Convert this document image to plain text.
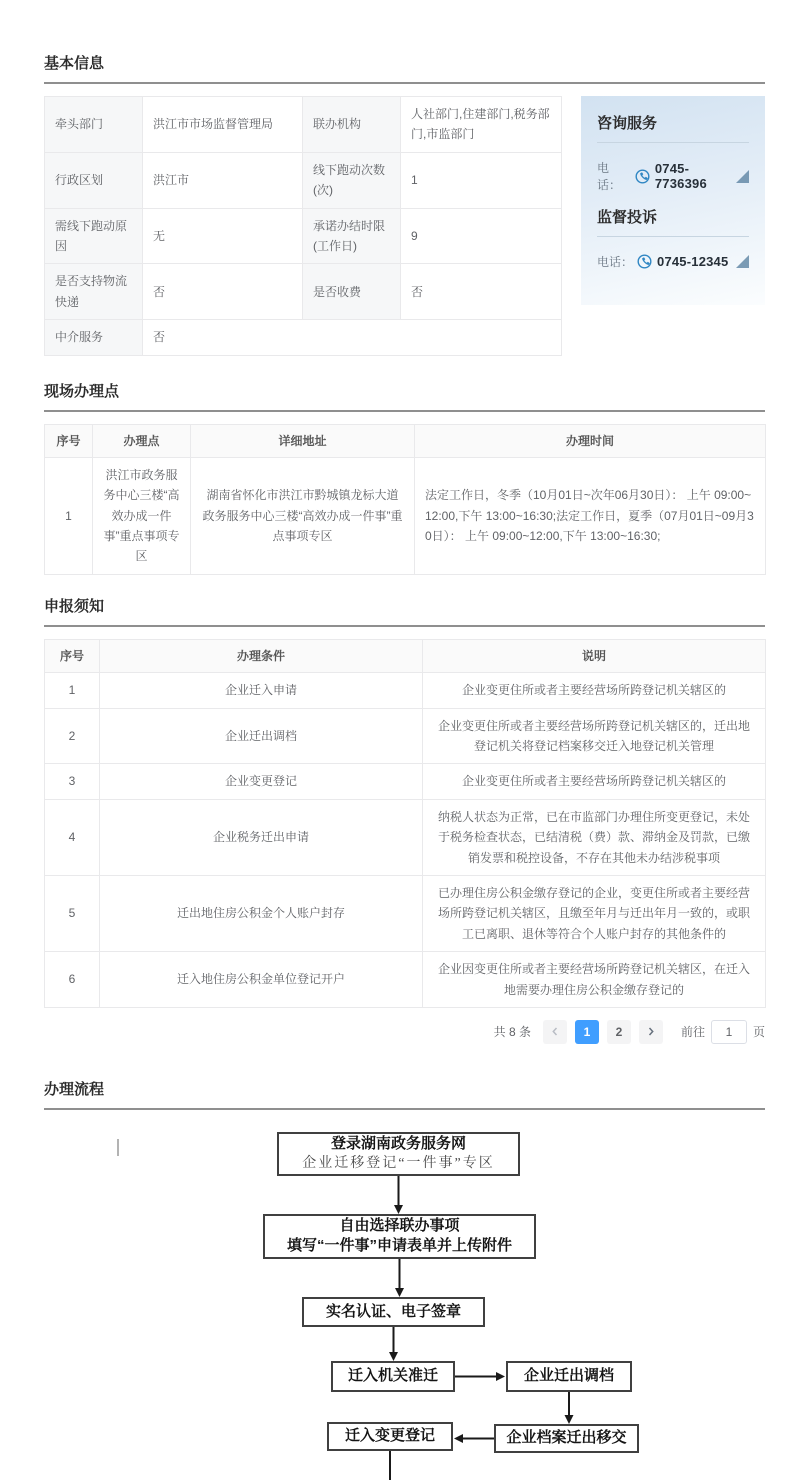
基本信息
牵头部门	洪江市市场监督管理局	联办机构	人社部门,住建部门,税务部门,市监部门
行政区划	洪江市	线下跑动次数(次)	1
需线下跑动原因	无	承诺办结时限(工作日)	9
是否支持物流快递	否	是否收费	否
中介服务	否		
咨询服务
电话：
0745-7736396
监督投诉
电话： 0745-12345
现场办理点
序号	办理点	详细地址	办理时间
1	洪江市政务服务中心三楼“高效办成一件事”重点事项专区	湖南省怀化市洪江市黔城镇龙标大道政务服务中心三楼“高效办成一件事”重点事项专区	法定工作日，冬季（10月01日~次年06月30日）： 上午 09:00~12:00,下午 13:00~16:30;法定工作日，夏季（07月01日~09月30日）： 上午 09:00~12:00,下午 13:00~16:30;
申报须知
序号	办理条件	说明
1	企业迁入申请	企业变更住所或者主要经营场所跨登记机关辖区的
2	企业迁出调档	企业变更住所或者主要经营场所跨登记机关辖区的，迁出地登记机关将登记档案移交迁入地登记机关管理
3	企业变更登记	企业变更住所或者主要经营场所跨登记机关辖区的
4	企业税务迁出申请	纳税人状态为正常，已在市监部门办理住所变更登记，未处于税务检查状态，已结清税（费）款、滞纳金及罚款，已缴销发票和税控设备，不存在其他未办结涉税事项
5	迁出地住房公积金个人账户封存	已办理住房公积金缴存登记的企业，变更住所或者主要经营场所跨登记机关辖区，且缴至年月与迁出年月一致的，或职工已离职、退休等符合个人账户封存的其他条件的
6	迁入地住房公积金单位登记开户	企业因变更住所或者主要经营场所跨登记机关辖区，在迁入地需要办理住房公积金缴存登记的
共 8 条	1	2	前往
1	页
办理流程
登录湖南政务服务网
企业迁移登记“一件事”专区
自由选择联办事项
填写“一件事”申请表单并上传附件
实名认证、电子签章
迁入机关准迁	企业迁出调档
迁入变更登记	企业档案迁出移交
